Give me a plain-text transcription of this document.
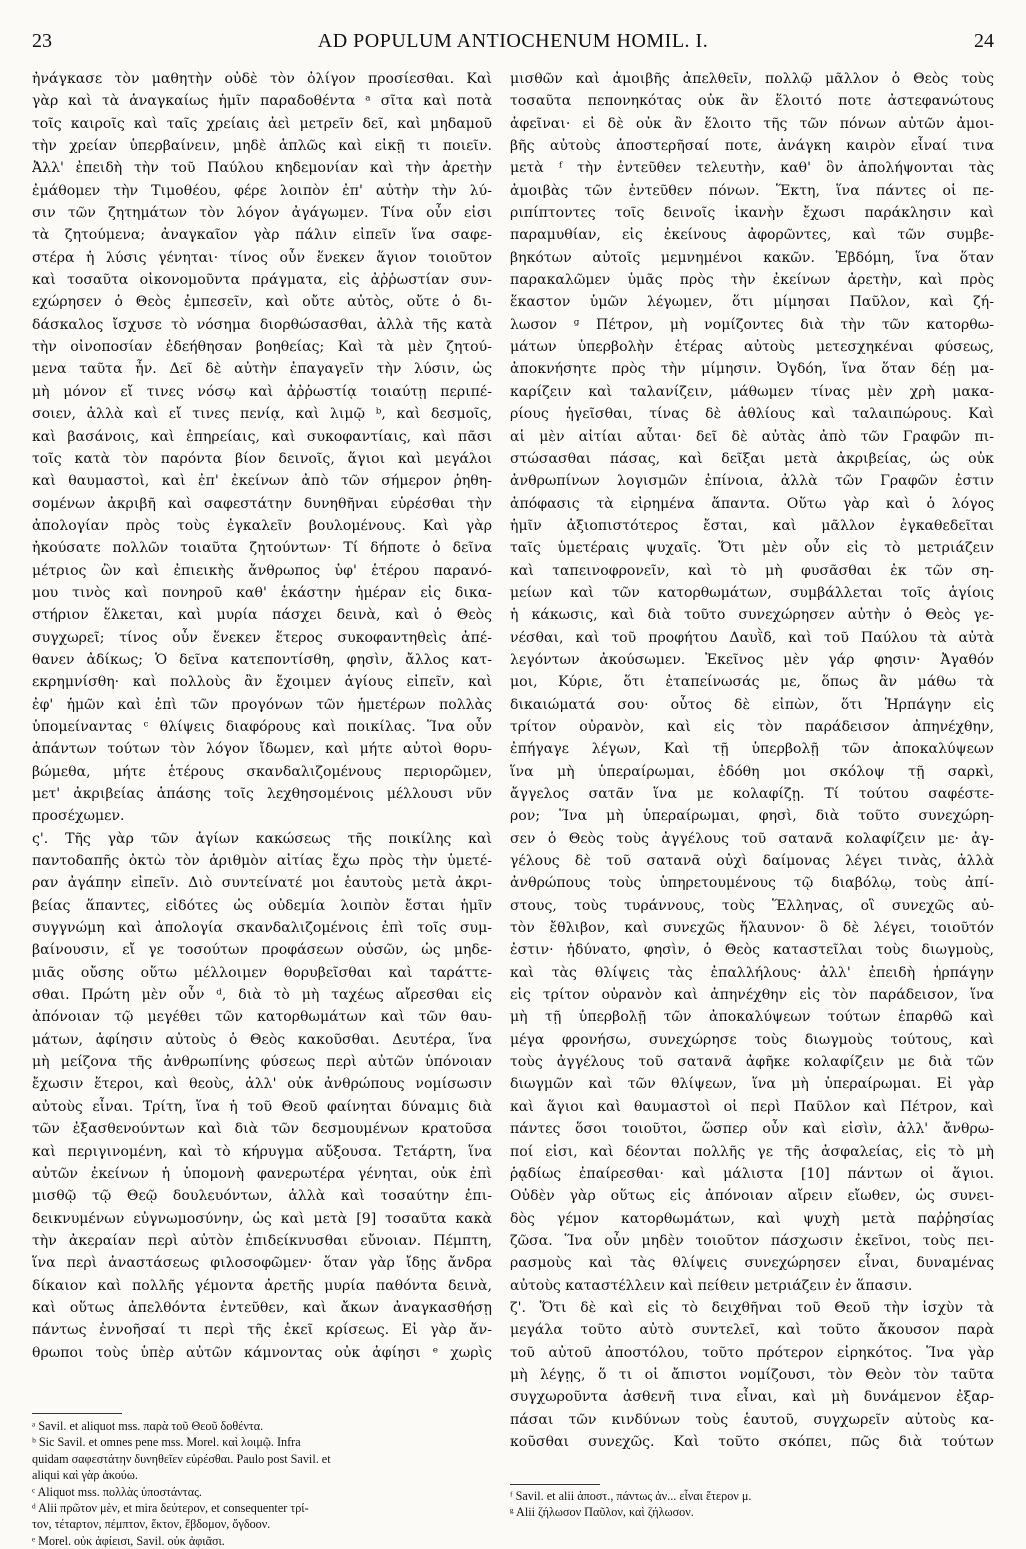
23	AD POPULUM ANTIOCHENUM HOMIL. I.	24
ἠνάγκασε τὸν μαθητὴν οὐδὲ τὸν ὀλίγον προσίεσθαι. Καὶ
γὰρ καὶ τὰ ἀναγκαίως ἡμῖν παραδοθέντα ᵃ σῖτα καὶ ποτὰ
τοῖς καιροῖς καὶ ταῖς χρείαις ἀεὶ μετρεῖν δεῖ, καὶ μηδαμοῦ
τὴν χρείαν ὑπερβαίνειν, μηδὲ ἁπλῶς καὶ εἰκῇ τι ποιεῖν.
Ἀλλ' ἐπειδὴ τὴν τοῦ Παύλου κηδεμονίαν καὶ τὴν ἀρετὴν
ἐμάθομεν τὴν Τιμοθέου, φέρε λοιπὸν ἐπ' αὐτὴν τὴν λύ-
σιν τῶν ζητημάτων τὸν λόγον ἀγάγωμεν. Τίνα οὖν εἰσι
τὰ ζητούμενα; ἀναγκαῖον γὰρ πάλιν εἰπεῖν ἵνα σαφε-
στέρα ἡ λύσις γένηται· τίνος οὖν ἕνεκεν ἅγιον τοιοῦτον
καὶ τοσαῦτα οἰκονομοῦντα πράγματα, εἰς ἀῤῥωστίαν συν-
εχώρησεν ὁ Θεὸς ἐμπεσεῖν, καὶ οὔτε αὐτὸς, οὔτε ὁ δι-
δάσκαλος ἴσχυσε τὸ νόσημα διορθώσασθαι, ἀλλὰ τῆς κατὰ
τὴν οἰνοποσίαν ἐδεήθησαν βοηθείας; Καὶ τὰ μὲν ζητού-
μενα ταῦτα ἦν. Δεῖ δὲ αὐτὴν ἐπαγαγεῖν τὴν λύσιν, ὡς
μὴ μόνον εἴ τινες νόσῳ καὶ ἀῤῥωστίᾳ τοιαύτῃ περιπέ-
σοιεν, ἀλλὰ καὶ εἴ τινες πενίᾳ, καὶ λιμῷ ᵇ, καὶ δεσμοῖς,
καὶ βασάνοις, καὶ ἐπηρείαις, καὶ συκοφαντίαις, καὶ πᾶσι
τοῖς κατὰ τὸν παρόντα βίον δεινοῖς, ἅγιοι καὶ μεγάλοι
καὶ θαυμαστοὶ, καὶ ἐπ' ἐκείνων ἀπὸ τῶν σήμερον ῥηθη-
σομένων ἀκριβῆ καὶ σαφεστάτην δυνηθῆναι εὑρέσθαι τὴν
ἀπολογίαν πρὸς τοὺς ἐγκαλεῖν βουλομένους. Καὶ γὰρ
ἠκούσατε πολλῶν τοιαῦτα ζητούντων· Τί δήποτε ὁ δεῖνα
μέτριος ὢν καὶ ἐπιεικὴς ἄνθρωπος ὑφ' ἑτέρου παρανό-
μου τινὸς καὶ πονηροῦ καθ' ἑκάστην ἡμέραν εἰς δικα-
στήριον ἕλκεται, καὶ μυρία πάσχει δεινὰ, καὶ ὁ Θεὸς
συγχωρεῖ; τίνος οὖν ἕνεκεν ἕτερος συκοφαντηθεὶς ἀπέ-
θανεν ἀδίκως; Ὁ δεῖνα κατεποντίσθη, φησὶν, ἄλλος κατ-
εκρημνίσθη· καὶ πολλοὺς ἂν ἔχοιμεν ἁγίους εἰπεῖν, καὶ
ἐφ' ἡμῶν καὶ ἐπὶ τῶν προγόνων τῶν ἡμετέρων πολλὰς
ὑπομείναντας ᶜ θλίψεις διαφόρους καὶ ποικίλας. Ἵνα οὖν
ἁπάντων τούτων τὸν λόγον ἴδωμεν, καὶ μήτε αὐτοὶ θορυ-
βώμεθα, μήτε ἑτέρους σκανδαλιζομένους περιορῶμεν,
μετ' ἀκριβείας ἁπάσης τοῖς λεχθησομένοις μέλλουσι νῦν
προσέχωμεν.
ς'. Τῆς γὰρ τῶν ἁγίων κακώσεως τῆς ποικίλης καὶ
παντοδαπῆς ὀκτὼ τὸν ἀριθμὸν αἰτίας ἔχω πρὸς τὴν ὑμετέ-
ραν ἀγάπην εἰπεῖν. Διὸ συντείνατέ μοι ἑαυτοὺς μετὰ ἀκρι-
βείας ἅπαντες, εἰδότες ὡς οὐδεμία λοιπὸν ἔσται ἡμῖν
συγγνώμη καὶ ἀπολογία σκανδαλιζομένοις ἐπὶ τοῖς συμ-
βαίνουσιν, εἴ γε τοσούτων προφάσεων οὐσῶν, ὡς μηδε-
μιᾶς οὔσης οὕτω μέλλοιμεν θορυβεῖσθαι καὶ ταράττε-
σθαι. Πρώτη μὲν οὖν ᵈ, διὰ τὸ μὴ ταχέως αἴρεσθαι εἰς
ἀπόνοιαν τῷ μεγέθει τῶν κατορθωμάτων καὶ τῶν θαυ-
μάτων, ἀφίησιν αὐτοὺς ὁ Θεὸς κακοῦσθαι. Δευτέρα, ἵνα
μὴ μείζονα τῆς ἀνθρωπίνης φύσεως περὶ αὐτῶν ὑπόνοιαν
ἔχωσιν ἕτεροι, καὶ θεοὺς, ἀλλ' οὐκ ἀνθρώπους νομίσωσιν
αὐτοὺς εἶναι. Τρίτη, ἵνα ἡ τοῦ Θεοῦ φαίνηται δύναμις διὰ
τῶν ἐξασθενούντων καὶ διὰ τῶν δεσμουμένων κρατοῦσα
καὶ περιγινομένη, καὶ τὸ κήρυγμα αὔξουσα. Τετάρτη, ἵνα
αὐτῶν ἐκείνων ἡ ὑπομονὴ φανερωτέρα γένηται, οὐκ ἐπὶ
μισθῷ τῷ Θεῷ δουλευόντων, ἀλλὰ καὶ τοσαύτην ἐπι-
δεικνυμένων εὐγνωμοσύνην, ὡς καὶ μετὰ [9] τοσαῦτα κακὰ
τὴν ἀκεραίαν περὶ αὐτὸν ἐπιδείκνυσθαι εὔνοιαν. Πέμπτη,
ἵνα περὶ ἀναστάσεως φιλοσοφῶμεν· ὅταν γὰρ ἴδῃς ἄνδρα
δίκαιον καὶ πολλῆς γέμοντα ἀρετῆς μυρία παθόντα δεινὰ,
καὶ οὕτως ἀπελθόντα ἐντεῦθεν, καὶ ἄκων ἀναγκασθήσῃ
πάντως ἐννοῆσαί τι περὶ τῆς ἐκεῖ κρίσεως. Εἰ γὰρ ἄν-
θρωποι τοὺς ὑπὲρ αὐτῶν κάμνοντας οὐκ ἀφίησι ᵉ χωρὶς
μισθῶν καὶ ἀμοιβῆς ἀπελθεῖν, πολλῷ μᾶλλον ὁ Θεὸς τοὺς
τοσαῦτα πεπονηκότας οὐκ ἂν ἕλοιτό ποτε ἀστεφανώτους
ἀφεῖναι· εἰ δὲ οὐκ ἂν ἕλοιτο τῆς τῶν πόνων αὐτῶν ἀμοι-
βῆς αὐτοὺς ἀποστερῆσαί ποτε, ἀνάγκη καιρὸν εἶναί τινα
μετὰ ᶠ τὴν ἐντεῦθεν τελευτὴν, καθ' ὃν ἀπολήψονται τὰς
ἀμοιβὰς τῶν ἐντεῦθεν πόνων. Ἕκτη, ἵνα πάντες οἱ πε-
ριπίπτοντες τοῖς δεινοῖς ἱκανὴν ἔχωσι παράκλησιν καὶ
παραμυθίαν, εἰς ἐκείνους ἀφορῶντες, καὶ τῶν συμβε-
βηκότων αὐτοῖς μεμνημένοι κακῶν. Ἑβδόμη, ἵνα ὅταν
παρακαλῶμεν ὑμᾶς πρὸς τὴν ἐκείνων ἀρετὴν, καὶ πρὸς
ἕκαστον ὑμῶν λέγωμεν, ὅτι μίμησαι Παῦλον, καὶ ζή-
λωσον ᵍ Πέτρον, μὴ νομίζοντες διὰ τὴν τῶν κατορθω-
μάτων ὑπερβολὴν ἑτέρας αὐτοὺς μετεσχηκέναι φύσεως,
ἀποκνήσητε πρὸς τὴν μίμησιν. Ὀγδόη, ἵνα ὅταν δέῃ μα-
καρίζειν καὶ ταλανίζειν, μάθωμεν τίνας μὲν χρὴ μακα-
ρίους ἡγεῖσθαι, τίνας δὲ ἀθλίους καὶ ταλαιπώρους. Καὶ
αἱ μὲν αἰτίαι αὗται· δεῖ δὲ αὐτὰς ἀπὸ τῶν Γραφῶν πι-
στώσασθαι πάσας, καὶ δεῖξαι μετὰ ἀκριβείας, ὡς οὐκ
ἀνθρωπίνων λογισμῶν ἐπίνοια, ἀλλὰ τῶν Γραφῶν ἐστιν
ἀπόφασις τὰ εἰρημένα ἅπαντα. Οὕτω γὰρ καὶ ὁ λόγος
ἡμῖν ἀξιοπιστότερος ἔσται, καὶ μᾶλλον ἐγκαθεδεῖται
ταῖς ὑμετέραις ψυχαῖς. Ὅτι μὲν οὖν εἰς τὸ μετριάζειν
καὶ ταπεινοφρονεῖν, καὶ τὸ μὴ φυσᾶσθαι ἐκ τῶν ση-
μείων καὶ τῶν κατορθωμάτων, συμβάλλεται τοῖς ἁγίοις
ἡ κάκωσις, καὶ διὰ τοῦτο συνεχώρησεν αὐτὴν ὁ Θεὸς γε-
νέσθαι, καὶ τοῦ προφήτου Δαυῒδ, καὶ τοῦ Παύλου τὰ αὐτὰ
λεγόντων ἀκούσωμεν. Ἐκεῖνος μὲν γάρ φησιν· Ἀγαθόν
μοι, Κύριε, ὅτι ἐταπείνωσάς με, ὅπως ἂν μάθω τὰ
δικαιώματά σου· οὗτος δὲ εἰπὼν, ὅτι Ἡρπάγην εἰς
τρίτον οὐρανὸν, καὶ εἰς τὸν παράδεισον ἀπηνέχθην,
ἐπήγαγε λέγων, Καὶ τῇ ὑπερβολῇ τῶν ἀποκαλύψεων
ἵνα μὴ ὑπεραίρωμαι, ἐδόθη μοι σκόλοψ τῇ σαρκὶ,
ἄγγελος σατᾶν ἵνα με κολαφίζῃ. Τί τούτου σαφέστε-
ρον; Ἵνα μὴ ὑπεραίρωμαι, φησὶ, διὰ τοῦτο συνεχώρη-
σεν ὁ Θεὸς τοὺς ἀγγέλους τοῦ σατανᾶ κολαφίζειν με· ἀγ-
γέλους δὲ τοῦ σατανᾶ οὐχὶ δαίμονας λέγει τινὰς, ἀλλὰ
ἀνθρώπους τοὺς ὑπηρετουμένους τῷ διαβόλῳ, τοὺς ἀπί-
στους, τοὺς τυράννους, τοὺς Ἕλληνας, οἳ συνεχῶς αὐ-
τὸν ἔθλιβον, καὶ συνεχῶς ἤλαυνον· ὃ δὲ λέγει, τοιοῦτόν
ἐστιν· ἠδύνατο, φησὶν, ὁ Θεὸς καταστεῖλαι τοὺς διωγμοὺς,
καὶ τὰς θλίψεις τὰς ἐπαλλήλους· ἀλλ' ἐπειδὴ ἡρπάγην
εἰς τρίτον οὐρανὸν καὶ ἀπηνέχθην εἰς τὸν παράδεισον, ἵνα
μὴ τῇ ὑπερβολῇ τῶν ἀποκαλύψεων τούτων ἐπαρθῶ καὶ
μέγα φρονήσω, συνεχώρησε τοὺς διωγμοὺς τούτους, καὶ
τοὺς ἀγγέλους τοῦ σατανᾶ ἀφῆκε κολαφίζειν με διὰ τῶν
διωγμῶν καὶ τῶν θλίψεων, ἵνα μὴ ὑπεραίρωμαι. Εἰ γὰρ
καὶ ἅγιοι καὶ θαυμαστοὶ οἱ περὶ Παῦλον καὶ Πέτρον, καὶ
πάντες ὅσοι τοιοῦτοι, ὥσπερ οὖν καὶ εἰσὶν, ἀλλ' ἄνθρω-
ποί εἰσι, καὶ δέονται πολλῆς γε τῆς ἀσφαλείας, εἰς τὸ μὴ
ῥᾳδίως ἐπαίρεσθαι· καὶ μάλιστα [10] πάντων οἱ ἅγιοι.
Οὐδὲν γὰρ οὕτως εἰς ἀπόνοιαν αἴρειν εἴωθεν, ὡς συνει-
δὸς γέμον κατορθωμάτων, καὶ ψυχὴ μετὰ παῤῥησίας
ζῶσα. Ἵνα οὖν μηδὲν τοιοῦτον πάσχωσιν ἐκεῖνοι, τοὺς πει-
ρασμοὺς καὶ τὰς θλίψεις συνεχώρησεν εἶναι, δυναμένας
αὐτοὺς καταστέλλειν καὶ πείθειν μετριάζειν ἐν ἅπασιν.
ζ'. Ὅτι δὲ καὶ εἰς τὸ δειχθῆναι τοῦ Θεοῦ τὴν ἰσχὺν τὰ
μεγάλα τοῦτο αὐτὸ συντελεῖ, καὶ τοῦτο ἄκουσον παρὰ
τοῦ αὐτοῦ ἀποστόλου, τοῦτο πρότερον εἰρηκότος. Ἵνα γὰρ
μὴ λέγῃς, ὅ τι οἱ ἄπιστοι νομίζουσι, τὸν Θεὸν τὸν ταῦτα
συγχωροῦντα ἀσθενῆ τινα εἶναι, καὶ μὴ δυνάμενον ἐξαρ-
πάσαι τῶν κινδύνων τοὺς ἑαυτοῦ, συγχωρεῖν αὐτοὺς κα-
κοῦσθαι συνεχῶς. Καὶ τοῦτο σκόπει, πῶς διὰ τούτων
ᵃ Savil. et aliquot mss. παρὰ τοῦ Θεοῦ δοθέντα.
ᵇ Sic Savil. et omnes pene mss. Morel. καὶ λοιμῷ. Infra
quidam σαφεστάτην δυνηθεῖεν εὑρέσθαι. Paulo post Savil. et
aliqui καὶ γὰρ ἀκούω.
ᶜ Aliquot mss. πολλὰς ὑποστάντας.
ᵈ Alii πρῶτον μὲν, et mira δεύτερον, et consequenter τρί-
τον, τέταρτον, πέμπτον, ἕκτον, ἕβδομον, ὄγδοον.
ᵉ Morel. οὐκ ἀφίεισι, Savil. οὐκ ἀφιᾶσι.
ᶠ Savil. et alii ἀποστ., πάντως ἀν... εἶναι ἕτερον μ.
ᵍ Alii ζήλωσον Παῦλον, καὶ ζήλωσον.
